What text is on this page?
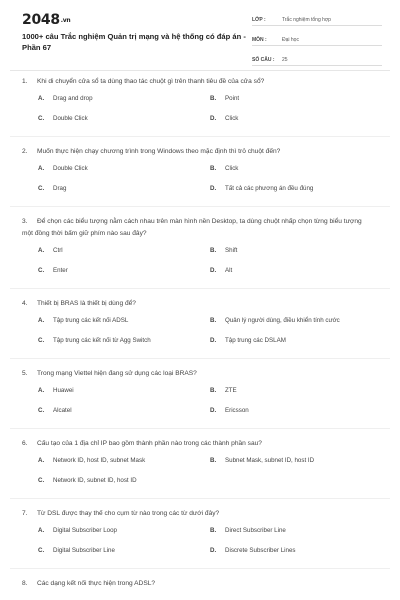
2048.vn
1000+ câu Trắc nghiệm Quản trị mạng và hệ thống có đáp án - Phần 67
LỚP :	Trắc nghiệm tổng hợp
MÔN :	Đại học
SỐ CÂU :	25
1. Khi di chuyển cửa sổ ta dùng thao tác chuột gì trên thanh tiêu đề của cửa sổ?
A.	Drag and drop	B.	Point
C.	Double Click	D.	Click
2. Muốn thực hiện chạy chương trình trong Windows theo mặc định thì trỏ chuột đến?
A.	Double Click	B.	Click
C.	Drag	D.	Tất cả các phương án đều đúng
3. Để chọn các biểu tượng nằm cách nhau trên màn hình nền Desktop, ta dùng chuột nhấp chọn từng biểu tượng một đồng thời bấm giữ phím nào sau đây?
A.	Ctrl	B.	Shift
C.	Enter	D.	Alt
4. Thiết bị BRAS là thiết bị dùng để?
A.	Tập trung các kết nối ADSL	B.	Quản lý người dùng, điều khiển tính cước
C.	Tập trung các kết nối từ Agg Switch	D.	Tập trung các DSLAM
5. Trong mạng Viettel hiện đang sử dụng các loại BRAS?
A.	Huawei	B.	ZTE
C.	Alcatel	D.	Ericsson
6. Cấu tạo của 1 địa chỉ IP bao gồm thành phần nào trong các thành phần sau?
A.	Network ID, host ID, subnet Mask	B.	Subnet Mask, subnet ID, host ID
C.	Network ID, subnet ID, host ID
7. Từ DSL được thay thế cho cụm từ nào trong các từ dưới đây?
A.	Digital Subscriber Loop	B.	Direct Subscriber Line
C.	Digital Subscriber Line	D.	Discrete Subscriber Lines
8. Các dạng kết nối thực hiện trong ADSL?
